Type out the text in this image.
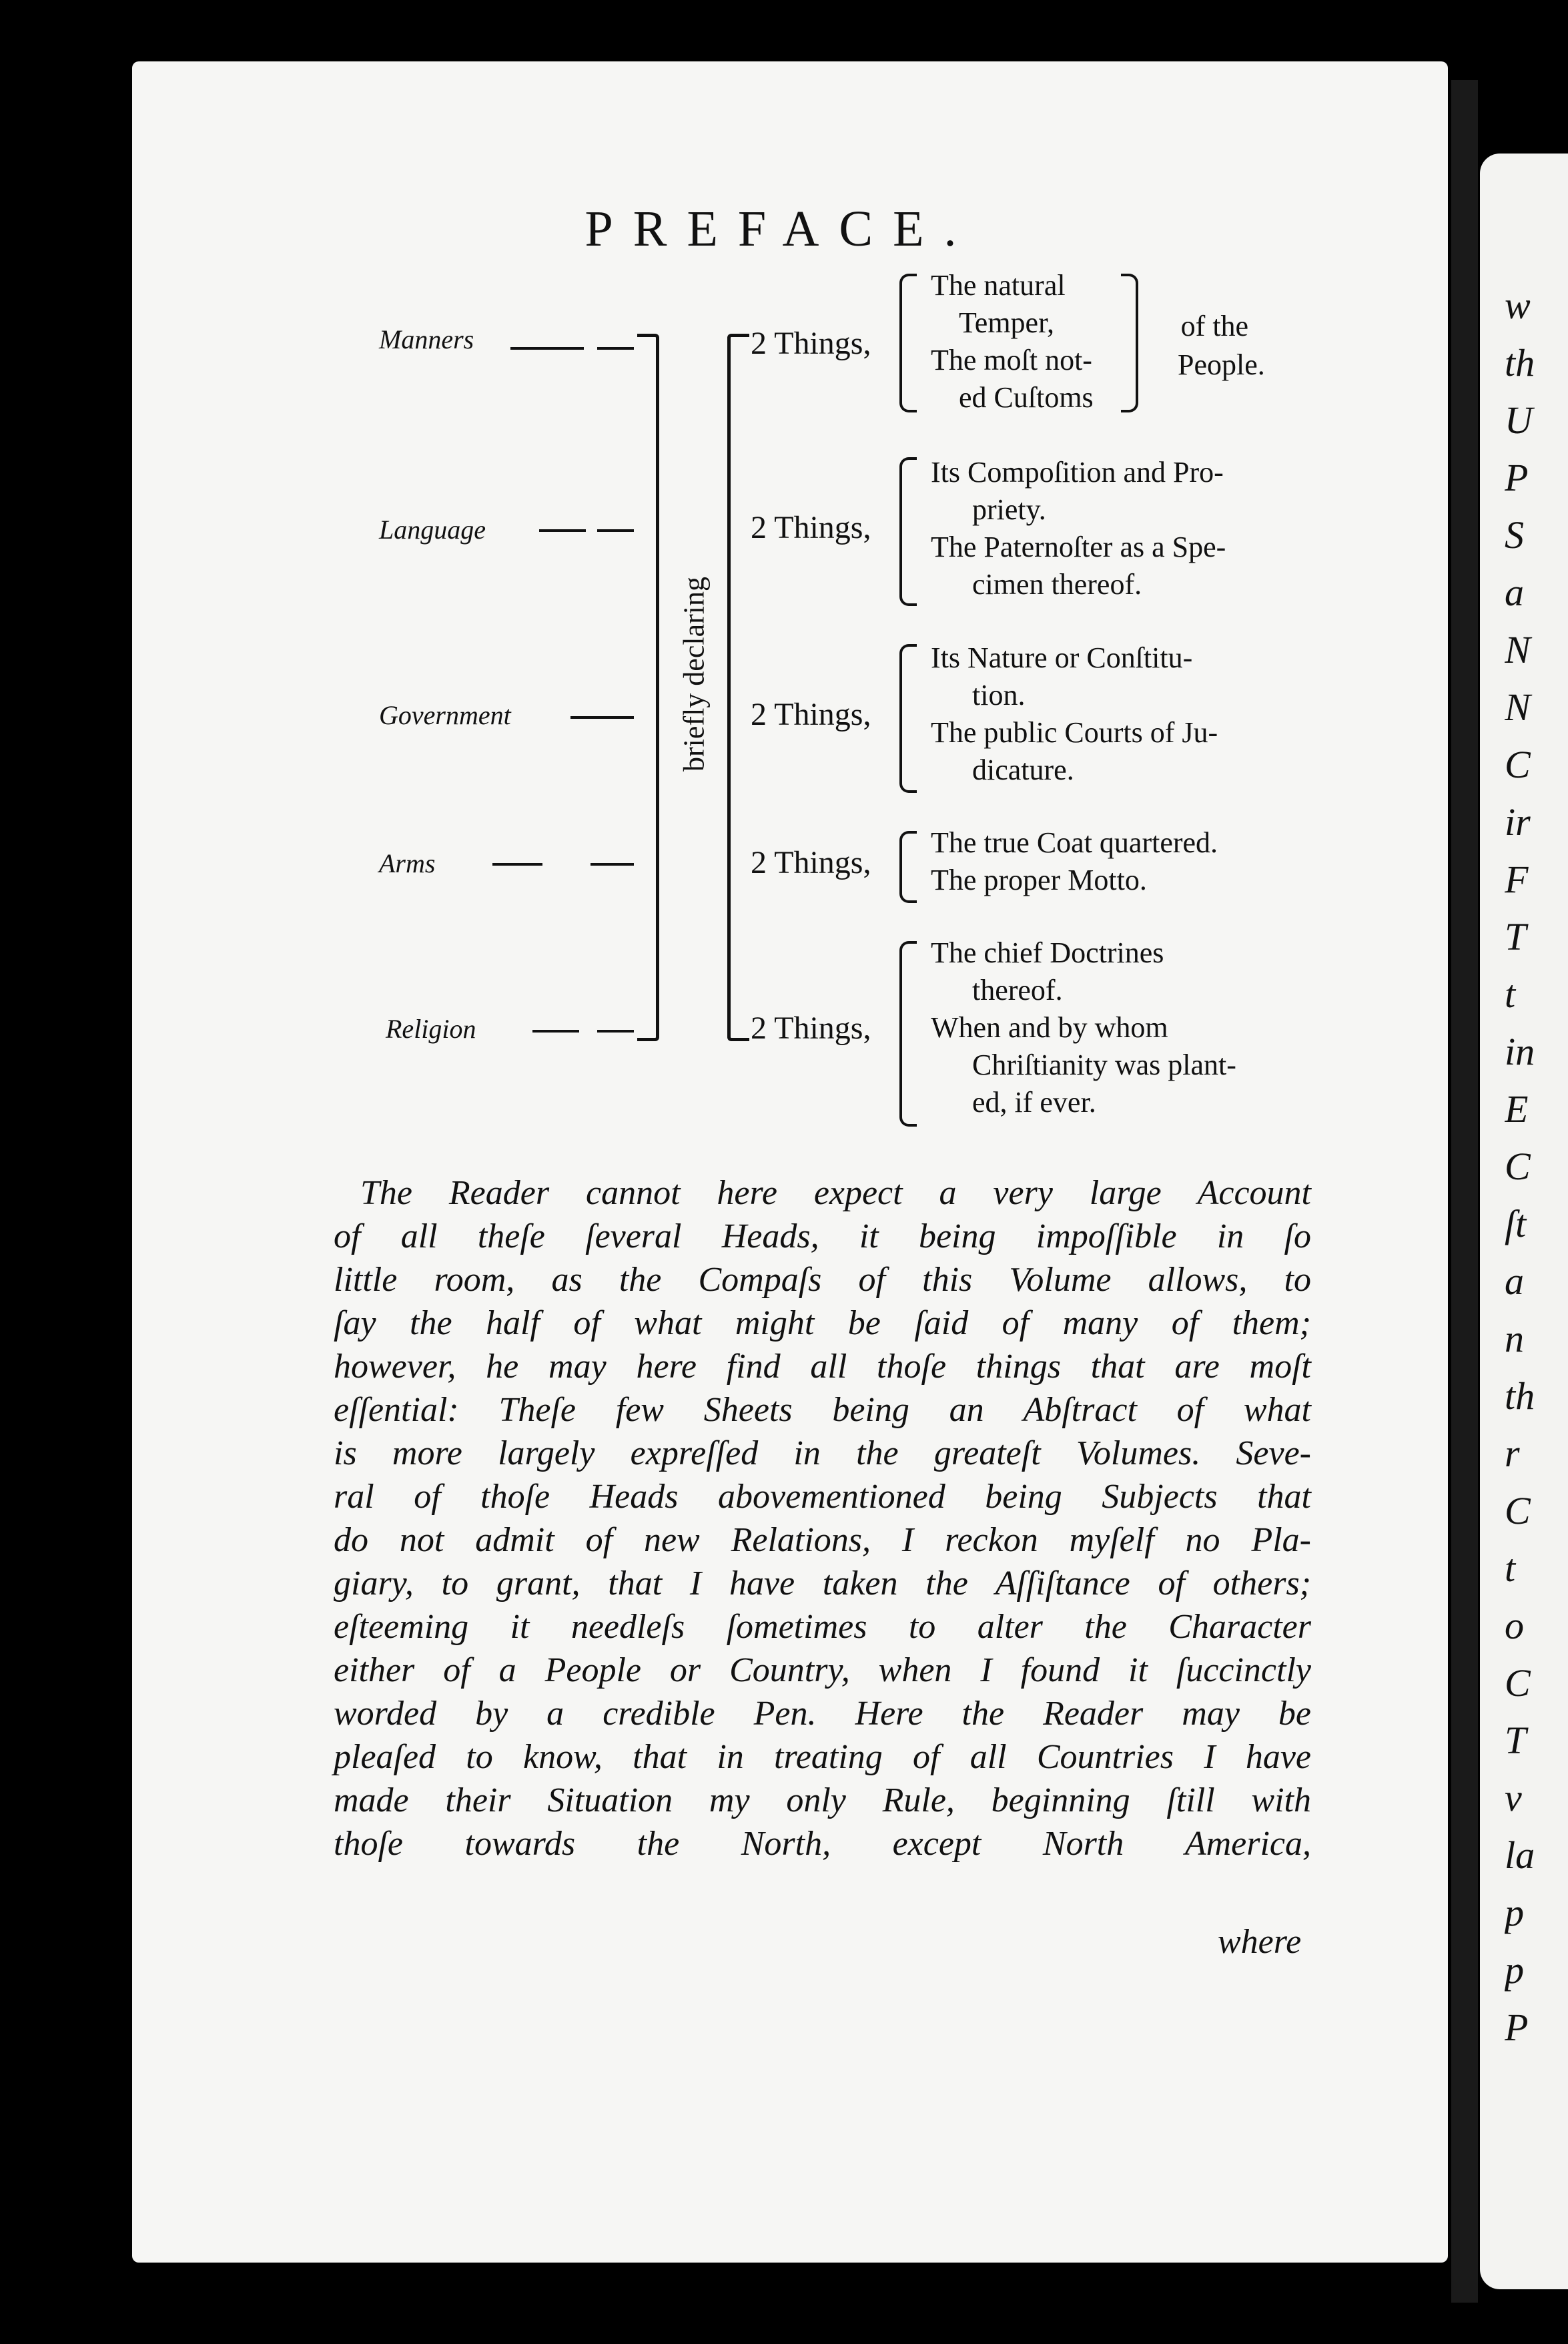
w
th
U
P
S
a
N
N
C
ir
F
T
t
in
E
C
ſt
a
n
th
r
C
t
o
C
T
v
la
p
p
P
PREFACE.
Manners
Language
Government
Arms
Religion
briefly declaring
2 Things,
2 Things,
2 Things,
2 Things,
2 Things,
The natural
Temper,
The moſt not-
ed Cuſtoms
of the
People.
Its Compoſition and Pro-
priety.
The Paternoſter as a Spe-
cimen thereof.
Its Nature or Conſtitu-
tion.
The public Courts of Ju-
dicature.
The true Coat quartered.
The proper Motto.
The chief Doctrines
thereof.
When and by whom
Chriſtianity was plant-
ed, if ever.
The Reader cannot here expect a very large Account
of all theſe ſeveral Heads, it being impoſſible in ſo
little room, as the Compaſs of this Volume allows, to
ſay the half of what might be ſaid of many of them;
however, he may here find all thoſe things that are moſt
eſſential: Theſe few Sheets being an Abſtract of what
is more largely expreſſed in the greateſt Volumes. Seve-
ral of thoſe Heads abovementioned being Subjects that
do not admit of new Relations, I reckon myſelf no Pla-
giary, to grant, that I have taken the Aſſiſtance of others;
eſteeming it needleſs ſometimes to alter the Character
either of a People or Country, when I found it ſuccinctly
worded by a credible Pen. Here the Reader may be
pleaſed to know, that in treating of all Countries I have
made their Situation my only Rule, beginning ſtill with
thoſe towards the North, except North America,
where
